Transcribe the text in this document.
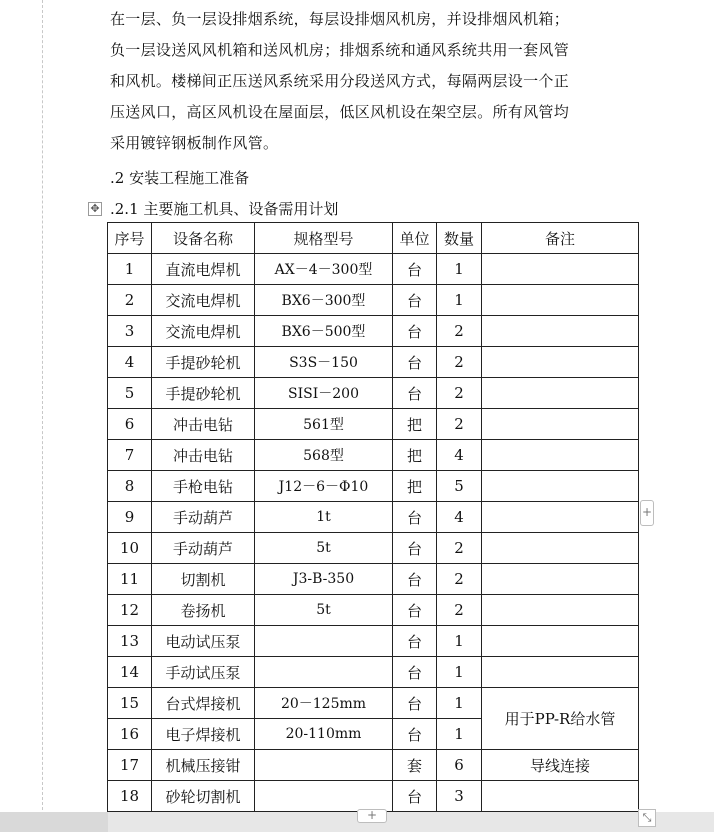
在一层、负一层设排烟系统，每层设排烟风机房，并设排烟风机箱；
负一层设送风风机箱和送风机房；排烟系统和通风系统共用一套风管
和风机。楼梯间正压送风系统采用分段送风方式，每隔两层设一个正
压送风口，高区风机设在屋面层，低区风机设在架空层。所有风管均
采用镀锌钢板制作风管。
.2 安装工程施工准备
.2.1 主要施工机具、设备需用计划
✥
序号	设备名称	规格型号	单位	数量	备注
1	直流电焊机	AX－4－300型	台	1	
2	交流电焊机	BX6－300型	台	1	
3	交流电焊机	BX6－500型	台	2	
4	手提砂轮机	S3S－150	台	2	
5	手提砂轮机	SISI－200	台	2	
6	冲击电钻	561型	把	2	
7	冲击电钻	568型	把	4	
8	手枪电钻	J12－6－Φ10	把	5	
9	手动葫芦	1t	台	4	
10	手动葫芦	5t	台	2	
11	切割机	J3-B-350	台	2	
12	卷扬机	5t	台	2	
13	电动试压泵		台	1	
14	手动试压泵		台	1	
15	台式焊接机	20－125mm	台	1	用于PP-R给水管
16	电子焊接机	20-110mm	台	1	
17	机械压接钳		套	6	导线连接
18	砂轮切割机		台	3	
+
+	⤡
